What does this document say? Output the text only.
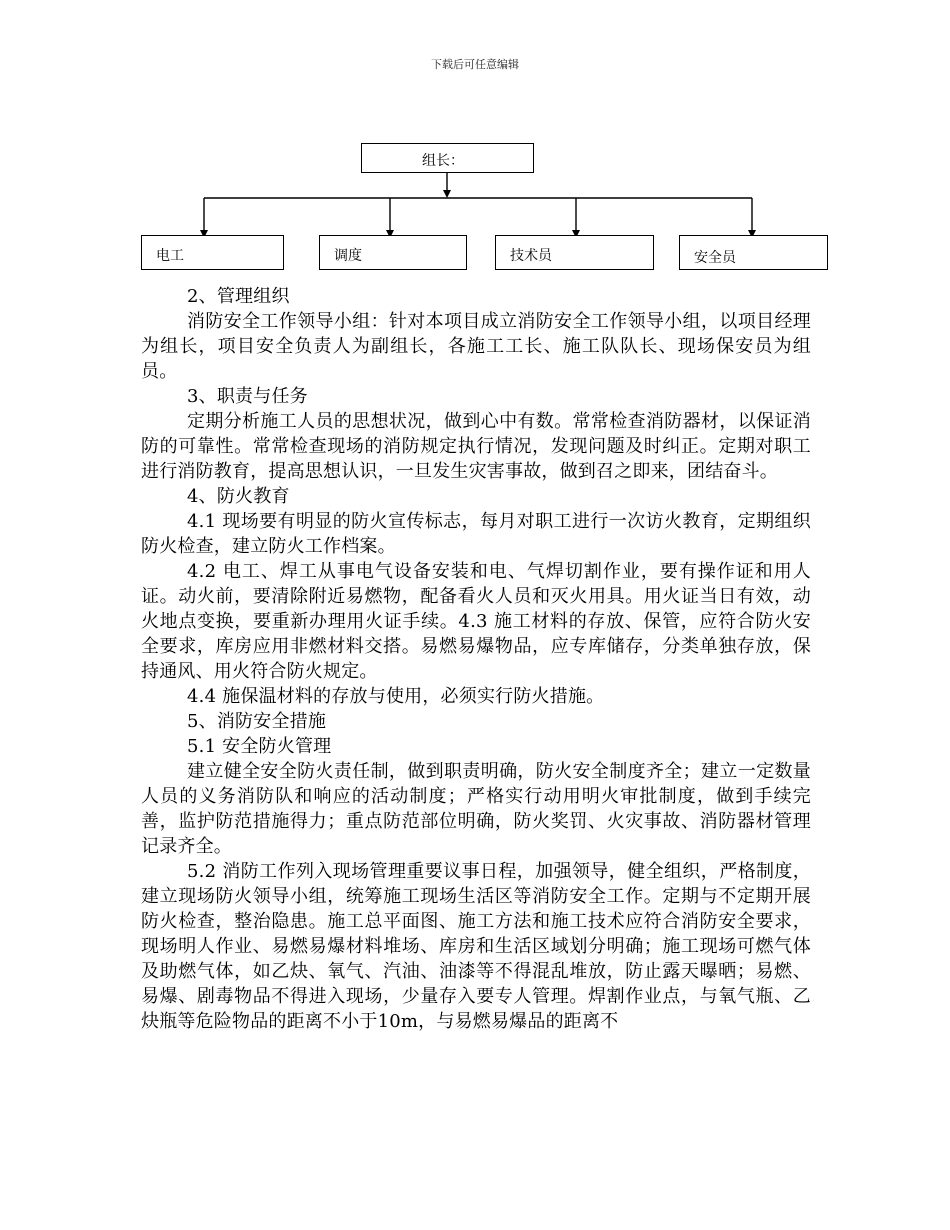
下载后可任意编辑
组长：
电工	调度	技术员	安全员

2、管理组织

消防安全工作领导小组：针对本项目成立消防安全工作领导小组，以项目经理为组长，项目安全负责人为副组长，各施工工长、施工队队长、现场保安员为组员。

3、职责与任务

定期分析施工人员的思想状况，做到心中有数。常常检查消防器材，以保证消防的可靠性。常常检查现场的消防规定执行情况，发现问题及时纠正。定期对职工进行消防教育，提高思想认识，一旦发生灾害事故，做到召之即来，团结奋斗。

4、防火教育

4.1 现场要有明显的防火宣传标志，每月对职工进行一次访火教育，定期组织防火检查，建立防火工作档案。

4.2 电工、焊工从事电气设备安装和电、气焊切割作业，要有操作证和用人证。动火前，要清除附近易燃物，配备看火人员和灭火用具。用火证当日有效，动火地点变换，要重新办理用火证手续。4.3 施工材料的存放、保管，应符合防火安全要求，库房应用非燃材料交搭。易燃易爆物品，应专库储存，分类单独存放，保持通风、用火符合防火规定。

4.4 施保温材料的存放与使用，必须实行防火措施。

5、消防安全措施

5.1 安全防火管理

建立健全安全防火责任制，做到职责明确，防火安全制度齐全；建立一定数量人员的义务消防队和响应的活动制度；严格实行动用明火审批制度，做到手续完善，监护防范措施得力；重点防范部位明确，防火奖罚、火灾事故、消防器材管理记录齐全。

5.2 消防工作列入现场管理重要议事日程，加强领导，健全组织，严格制度，建立现场防火领导小组，统筹施工现场生活区等消防安全工作。定期与不定期开展防火检查，整治隐患。施工总平面图、施工方法和施工技术应符合消防安全要求，现场明人作业、易燃易爆材料堆场、库房和生活区域划分明确；施工现场可燃气体及助燃气体，如乙炔、氧气、汽油、油漆等不得混乱堆放，防止露天曝晒；易燃、易爆、剧毒物品不得进入现场，少量存入要专人管理。焊割作业点，与氧气瓶、乙炔瓶等危险物品的距离不小于10m，与易燃易爆品的距离不
